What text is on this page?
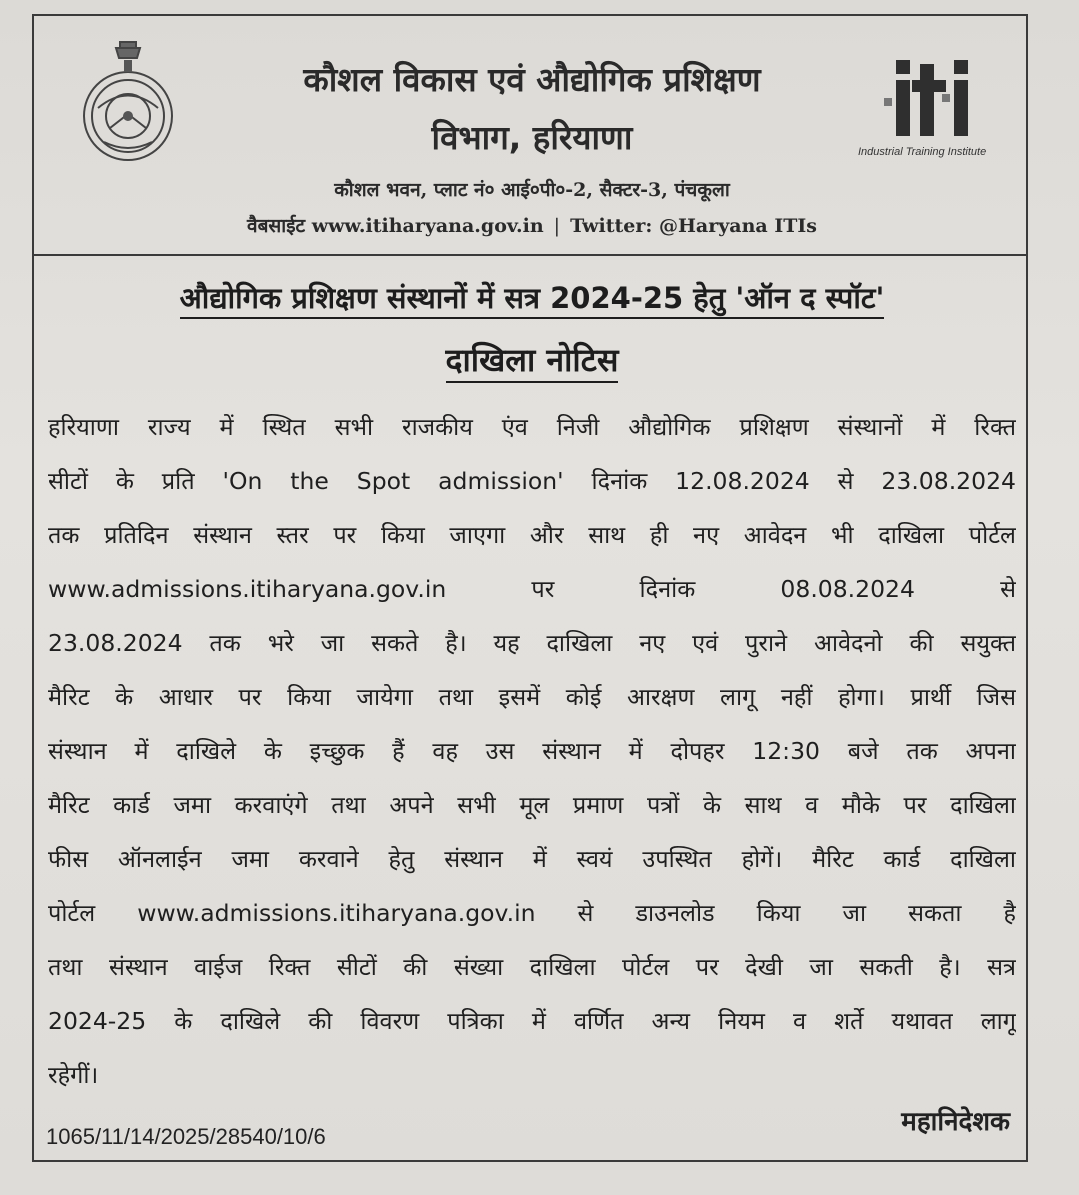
कौशल विकास एवं औद्योगिक प्रशिक्षण
विभाग, हरियाणा	Industrial Training Institute
कौशल भवन, प्लाट नं० आई०पी०-2, सैक्टर-3, पंचकूला
वैबसाईट www.itiharyana.gov.in | Twitter: @Haryana ITIs
औद्योगिक प्रशिक्षण संस्थानों में सत्र 2024-25 हेतु 'ऑन द स्पॉट'
दाखिला नोटिस
हरियाणा राज्य में स्थित सभी राजकीय एंव निजी औद्योगिक प्रशिक्षण संस्थानों में रिक्त
सीटों के प्रति 'On the Spot admission' दिनांक 12.08.2024 से 23.08.2024
तक प्रतिदिन संस्थान स्तर पर किया जाएगा और साथ ही नए आवेदन भी दाखिला पोर्टल
www.admissions.itiharyana.gov.in पर दिनांक 08.08.2024 से
23.08.2024 तक भरे जा सकते है। यह दाखिला नए एवं पुराने आवेदनो की सयुक्त
मैरिट के आधार पर किया जायेगा तथा इसमें कोई आरक्षण लागू नहीं होगा। प्रार्थी जिस
संस्थान में दाखिले के इच्छुक हैं वह उस संस्थान में दोपहर 12:30 बजे तक अपना
मैरिट कार्ड जमा करवाएंगे तथा अपने सभी मूल प्रमाण पत्रों के साथ व मौके पर दाखिला
फीस ऑनलाईन जमा करवाने हेतु संस्थान में स्वयं उपस्थित होगें। मैरिट कार्ड दाखिला
पोर्टल www.admissions.itiharyana.gov.in से डाउनलोड किया जा सकता है
तथा संस्थान वाईज रिक्त सीटों की संख्या दाखिला पोर्टल पर देखी जा सकती है। सत्र
2024-25 के दाखिले की विवरण पत्रिका में वर्णित अन्य नियम व शर्ते यथावत लागू
रहेगीं।
1065/11/14/2025/28540/10/6	महानिदेशक
